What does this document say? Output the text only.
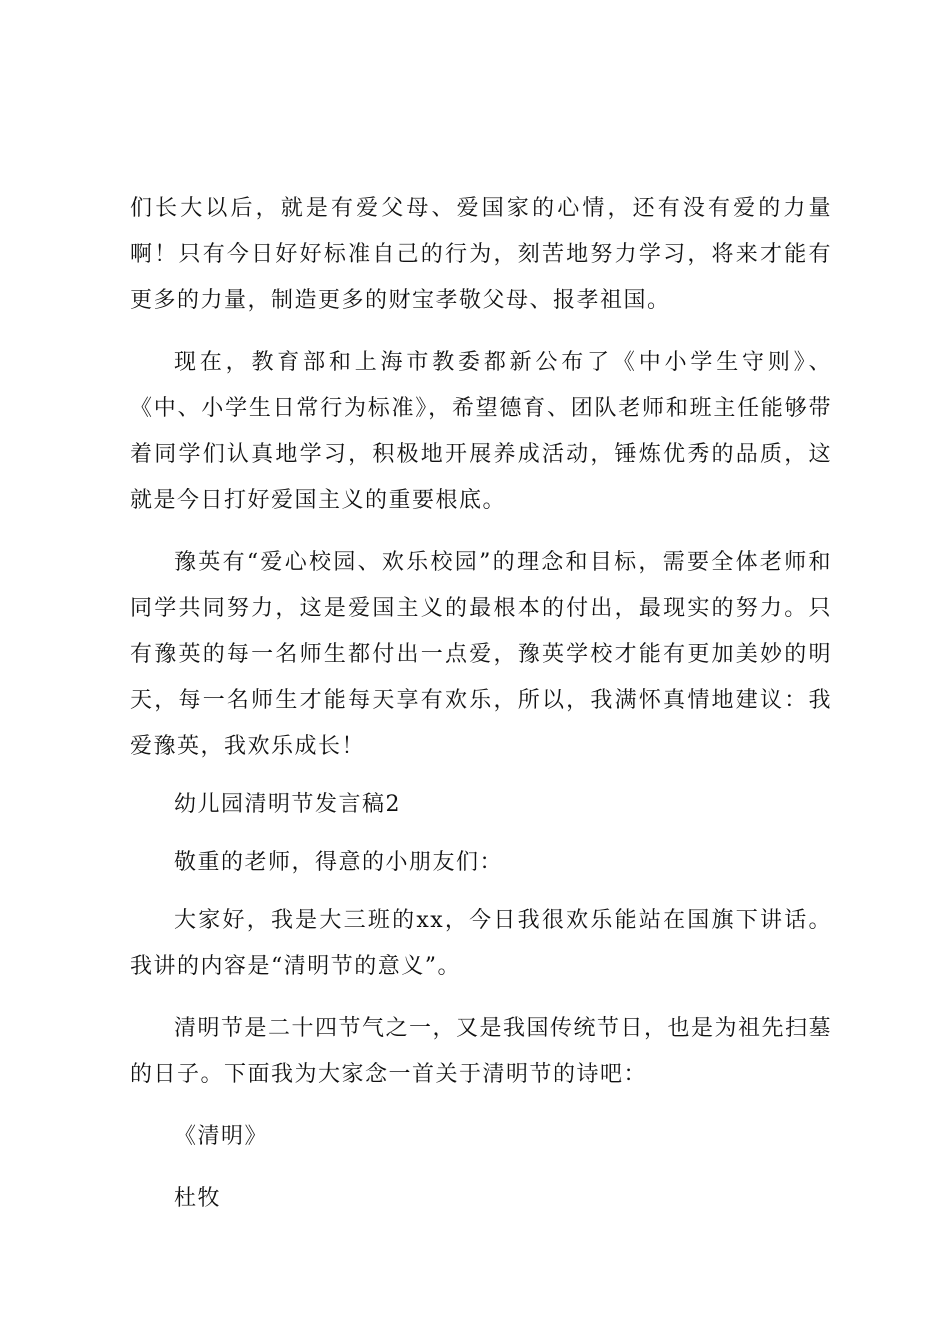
们长大以后，就是有爱父母、爱国家的心情，还有没有爱的力量啊！只有今日好好标准自己的行为，刻苦地努力学习，将来才能有更多的力量，制造更多的财宝孝敬父母、报孝祖国。

现在，教育部和上海市教委都新公布了《中小学生守则》、《中、小学生日常行为标准》，希望德育、团队老师和班主任能够带着同学们认真地学习，积极地开展养成活动，锤炼优秀的品质，这就是今日打好爱国主义的重要根底。

豫英有“爱心校园、欢乐校园”的理念和目标，需要全体老师和同学共同努力，这是爱国主义的最根本的付出，最现实的努力。只有豫英的每一名师生都付出一点爱，豫英学校才能有更加美妙的明天，每一名师生才能每天享有欢乐，所以，我满怀真情地建议：我爱豫英，我欢乐成长！

幼儿园清明节发言稿2

敬重的老师，得意的小朋友们：

大家好，我是大三班的xx，今日我很欢乐能站在国旗下讲话。我讲的内容是“清明节的意义”。

清明节是二十四节气之一，又是我国传统节日，也是为祖先扫墓的日子。下面我为大家念一首关于清明节的诗吧：

《清明》

杜牧
